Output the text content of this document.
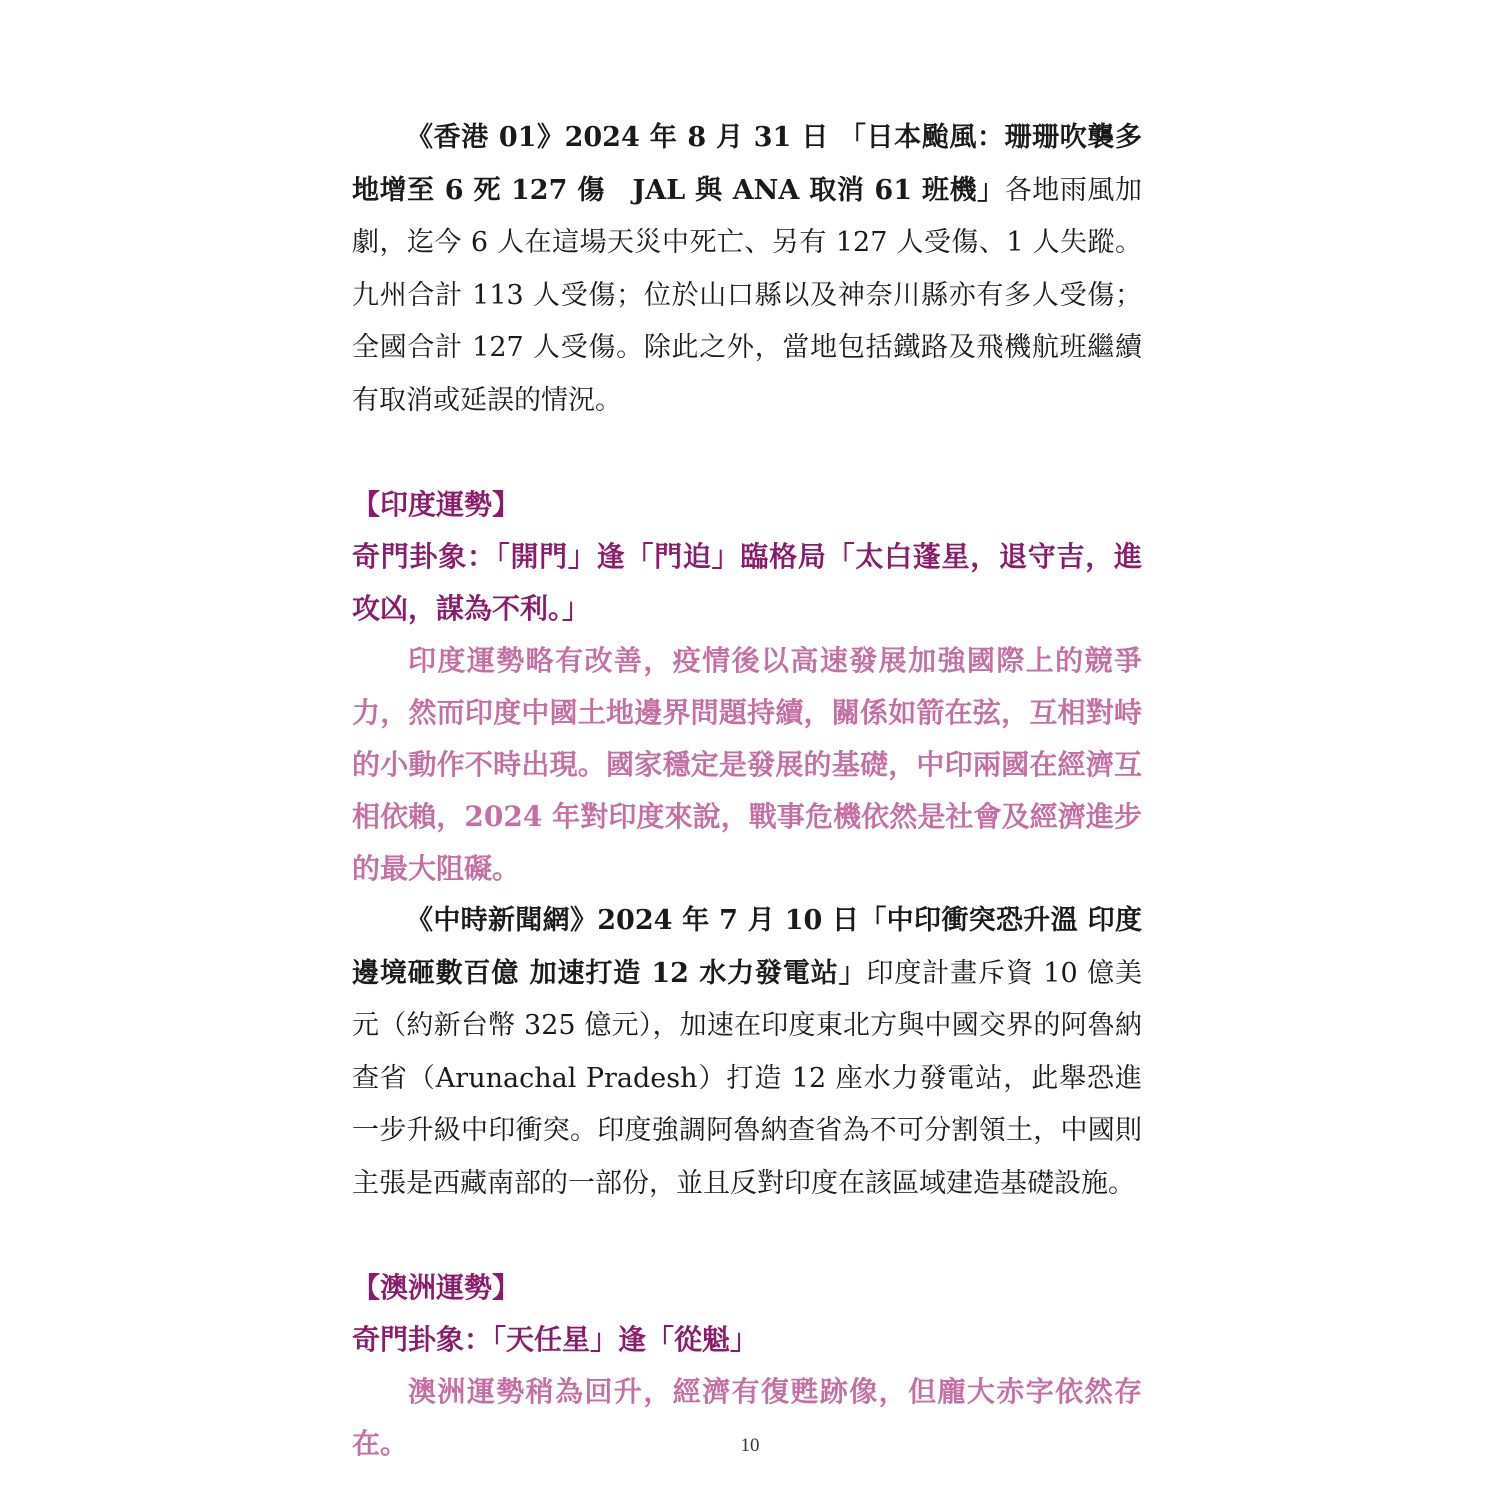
《香港 01》2024 年 8 月 31 日 「日本颱風：珊珊吹襲多地增至 6 死 127 傷　JAL 與 ANA 取消 61 班機」各地雨風加劇，迄今 6 人在這場天災中死亡、另有 127 人受傷、1 人失蹤。九州合計 113 人受傷；位於山口縣以及神奈川縣亦有多人受傷；全國合計 127 人受傷。除此之外，當地包括鐵路及飛機航班繼續有取消或延誤的情況。

【印度運勢】

奇門卦象：「開門」逢「門迫」臨格局「太白蓬星，退守吉，進攻凶，謀為不利。」

印度運勢略有改善，疫情後以高速發展加強國際上的競爭力，然而印度中國土地邊界問題持續，關係如箭在弦，互相對峙的小動作不時出現。國家穩定是發展的基礎，中印兩國在經濟互相依賴，2024 年對印度來說，戰事危機依然是社會及經濟進步的最大阻礙。

《中時新聞網》2024 年 7 月 10 日「中印衝突恐升溫 印度邊境砸數百億 加速打造 12 水力發電站」印度計畫斥資 10 億美元（約新台幣 325 億元），加速在印度東北方與中國交界的阿魯納查省（Arunachal Pradesh）打造 12 座水力發電站，此舉恐進一步升級中印衝突。印度強調阿魯納查省為不可分割領土，中國則主張是西藏南部的一部份，並且反對印度在該區域建造基礎設施。

【澳洲運勢】

奇門卦象：「天任星」逢「從魁」

澳洲運勢稍為回升，經濟有復甦跡像，但龐大赤字依然存在。	10
